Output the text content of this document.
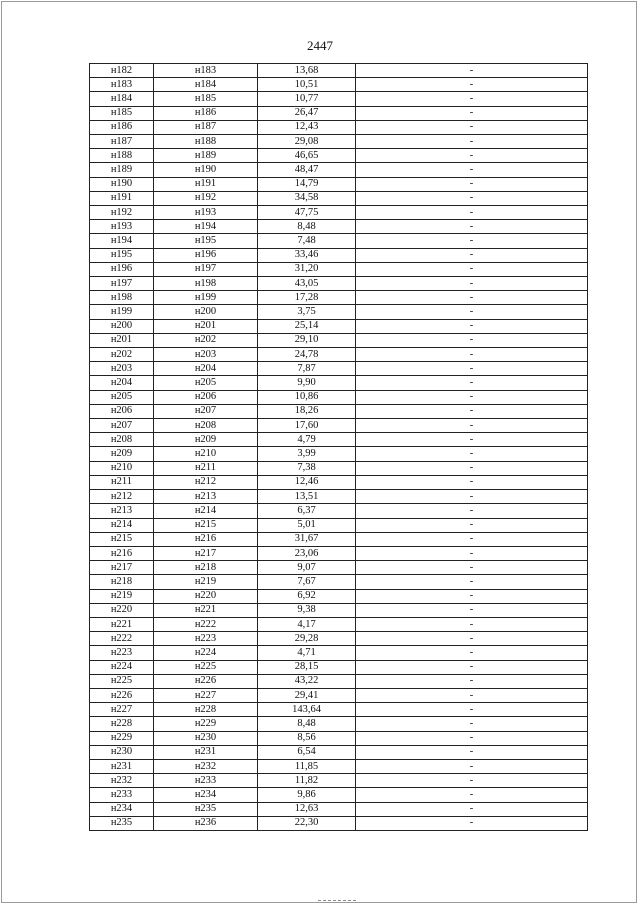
2447
н182	н183	13,68	-
н183	н184	10,51	-
н184	н185	10,77	-
н185	н186	26,47	-
н186	н187	12,43	-
н187	н188	29,08	-
н188	н189	46,65	-
н189	н190	48,47	-
н190	н191	14,79	-
н191	н192	34,58	-
н192	н193	47,75	-
н193	н194	8,48	-
н194	н195	7,48	-
н195	н196	33,46	-
н196	н197	31,20	-
н197	н198	43,05	-
н198	н199	17,28	-
н199	н200	3,75	-
н200	н201	25,14	-
н201	н202	29,10	-
н202	н203	24,78	-
н203	н204	7,87	-
н204	н205	9,90	-
н205	н206	10,86	-
н206	н207	18,26	-
н207	н208	17,60	-
н208	н209	4,79	-
н209	н210	3,99	-
н210	н211	7,38	-
н211	н212	12,46	-
н212	н213	13,51	-
н213	н214	6,37	-
н214	н215	5,01	-
н215	н216	31,67	-
н216	н217	23,06	-
н217	н218	9,07	-
н218	н219	7,67	-
н219	н220	6,92	-
н220	н221	9,38	-
н221	н222	4,17	-
н222	н223	29,28	-
н223	н224	4,71	-
н224	н225	28,15	-
н225	н226	43,22	-
н226	н227	29,41	-
н227	н228	143,64	-
н228	н229	8,48	-
н229	н230	8,56	-
н230	н231	6,54	-
н231	н232	11,85	-
н232	н233	11,82	-
н233	н234	9,86	-
н234	н235	12,63	-
н235	н236	22,30	-
